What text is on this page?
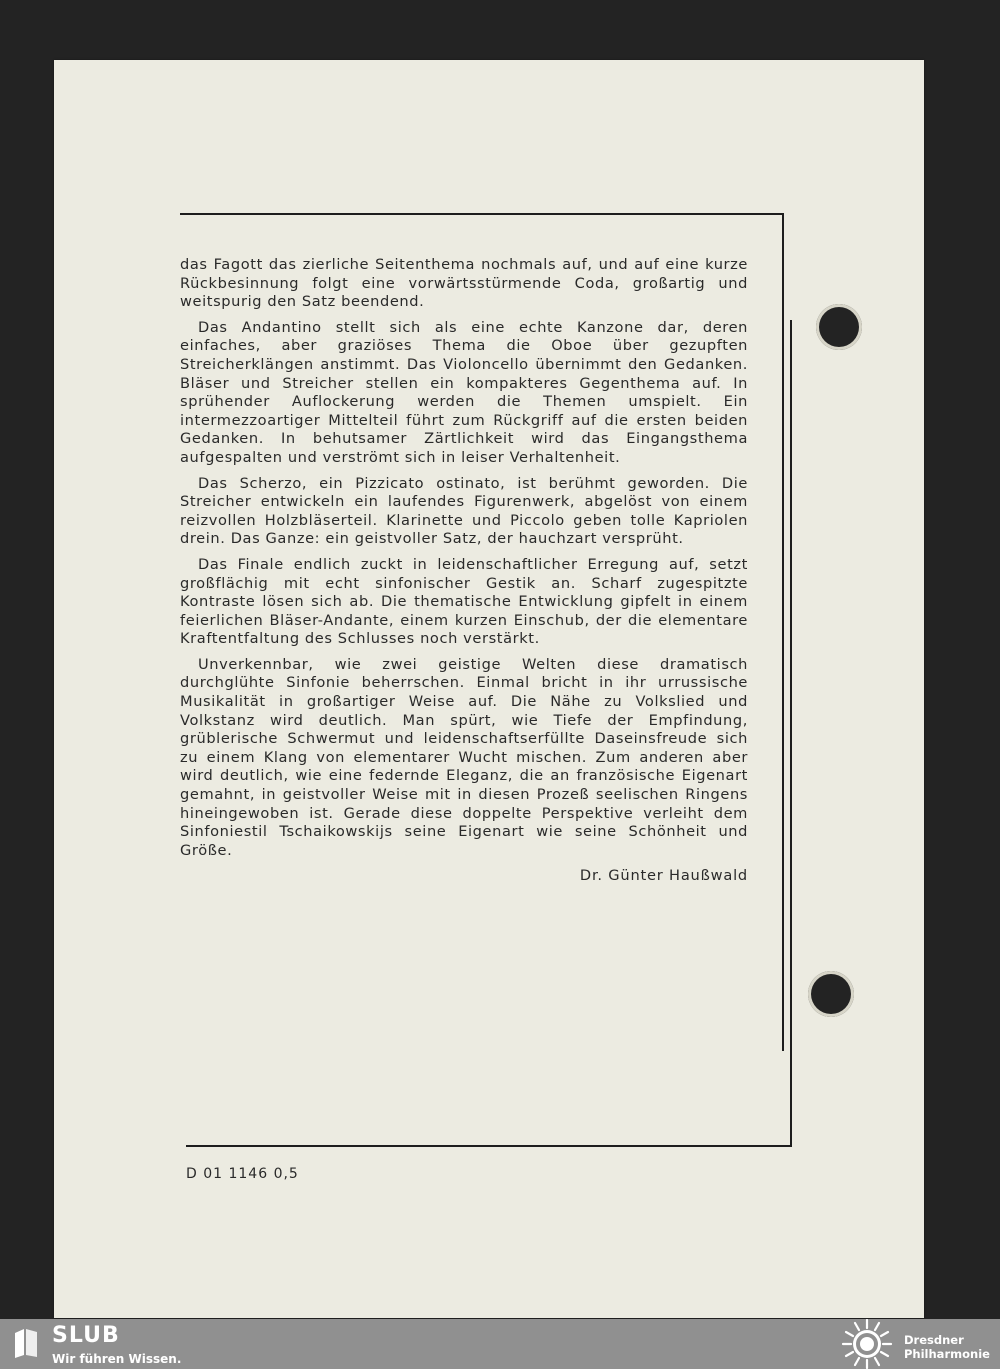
das Fagott das zierliche Seitenthema nochmals auf, und auf eine kurze Rückbesinnung folgt eine vorwärtsstürmende Coda, großartig und weitspurig den Satz beendend.

Das Andantino stellt sich als eine echte Kanzone dar, deren einfaches, aber graziöses Thema die Oboe über gezupften Streicherklängen anstimmt. Das Violoncello übernimmt den Gedanken. Bläser und Streicher stellen ein kompakteres Gegenthema auf. In sprühender Auflockerung werden die Themen umspielt. Ein intermezzoartiger Mittelteil führt zum Rückgriff auf die ersten beiden Gedanken. In behutsamer Zärtlichkeit wird das Eingangsthema aufgespalten und verströmt sich in leiser Verhaltenheit.

Das Scherzo, ein Pizzicato ostinato, ist berühmt geworden. Die Streicher entwickeln ein laufendes Figurenwerk, abgelöst von einem reizvollen Holzbläserteil. Klarinette und Piccolo geben tolle Kapriolen drein. Das Ganze: ein geistvoller Satz, der hauchzart versprüht.

Das Finale endlich zuckt in leidenschaftlicher Erregung auf, setzt großflächig mit echt sinfonischer Gestik an. Scharf zugespitzte Kontraste lösen sich ab. Die thematische Entwicklung gipfelt in einem feierlichen Bläser-Andante, einem kurzen Einschub, der die elementare Kraftentfaltung des Schlusses noch verstärkt.

Unverkennbar, wie zwei geistige Welten diese dramatisch durchglühte Sinfonie beherrschen. Einmal bricht in ihr urrussische Musikalität in großartiger Weise auf. Die Nähe zu Volkslied und Volkstanz wird deutlich. Man spürt, wie Tiefe der Empfindung, grüblerische Schwermut und leidenschaftserfüllte Daseinsfreude sich zu einem Klang von elementarer Wucht mischen. Zum anderen aber wird deutlich, wie eine federnde Eleganz, die an französische Eigenart gemahnt, in geistvoller Weise mit in diesen Prozeß seelischen Ringens hineingewoben ist. Gerade diese doppelte Perspektive verleiht dem Sinfoniestil Tschaikowskijs seine Eigenart wie seine Schönheit und Größe.

Dr. Günter Haußwald
D 01 1146 0,5
SLUB
Wir führen Wissen.
Dresdner
Philharmonie
